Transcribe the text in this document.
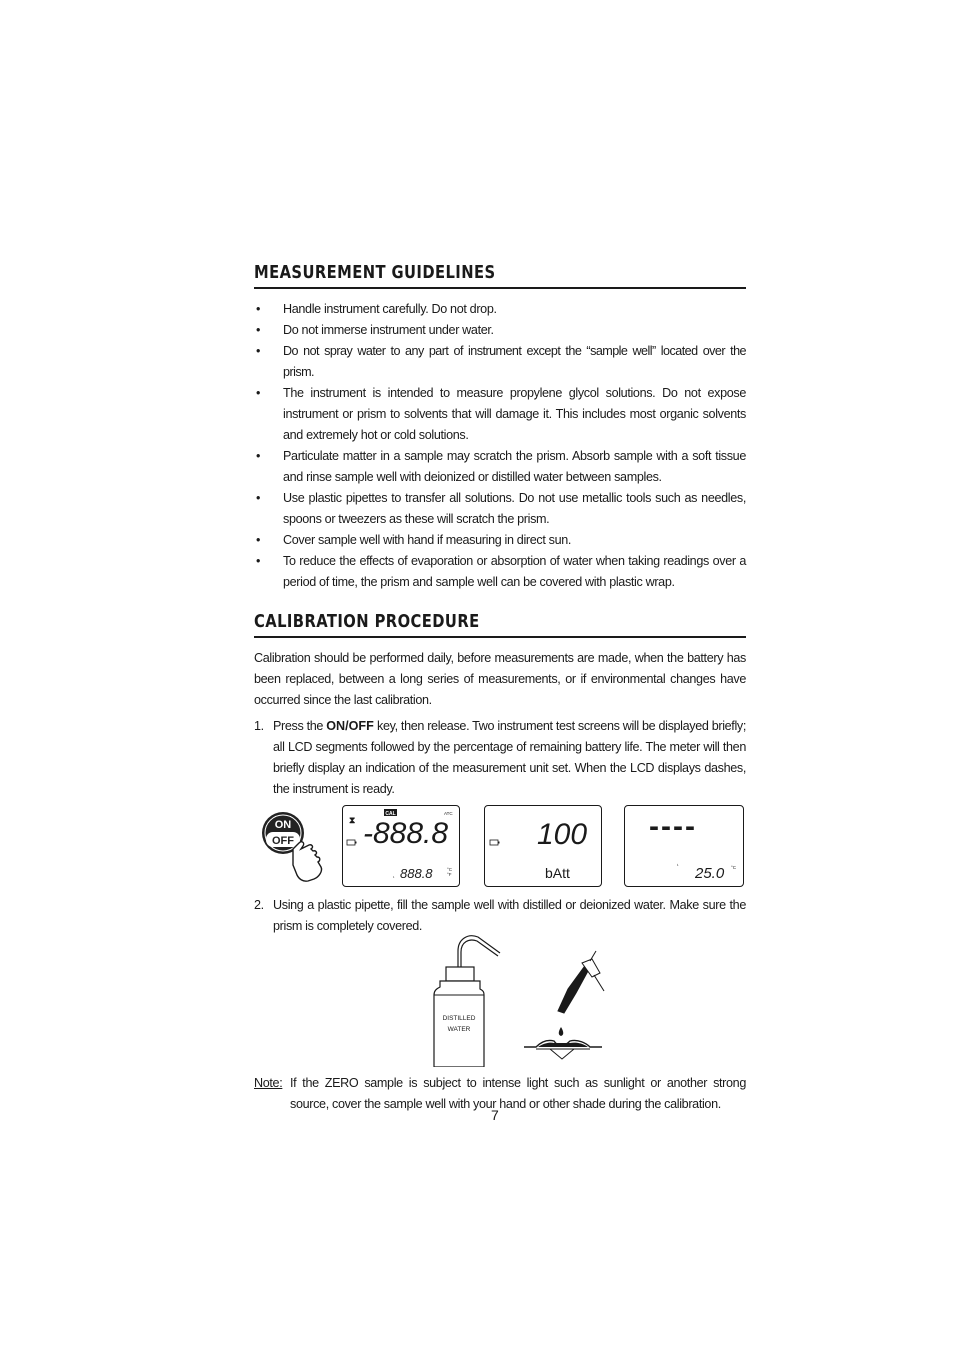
MEASUREMENT GUIDELINES
• Handle instrument carefully. Do not drop.
• Do not immerse instrument under water.
• Do not spray water to any part of instrument except the “sample well” located over the prism.
• The instrument is intended to measure propylene glycol solutions. Do not expose instrument or prism to solvents that will damage it. This includes most organic solvents and extremely hot or cold solutions.
• Particulate matter in a sample may scratch the prism. Absorb sample with a soft tissue and rinse sample well with deionized or distilled water between samples.
• Use plastic pipettes to transfer all solutions. Do not use metallic tools such as needles, spoons or tweezers as these will scratch the prism.
• Cover sample well with hand if measuring in direct sun.
• To reduce the effects of evaporation or absorption of water when taking readings over a period of time, the prism and sample well can be covered with plastic wrap.
CALIBRATION PROCEDURE

Calibration should be performed daily, before measurements are made, when the battery has been replaced, between a long series of measurements, or if environmental changes have occurred since the last calibration.

1. Press the ON/OFF key, then release. Two instrument test screens will be displayed briefly; all LCD segments followed by the percentage of remaining battery life. The meter will then briefly display an indication of the measurement unit set. When the LCD displays dashes, the instrument is ready.
ON
OFF
⧗
CAL	ATC
-888.8
¹ 888.8	°C
°F
100
bAtt
----
¹ 25.0 °C
2. Using a plastic pipette, fill the sample well with distilled or deionized water. Make sure the prism is completely covered.
DISTILLED
WATER
Note: If the ZERO sample is subject to intense light such as sunlight or another strong source, cover the sample well with your hand or other shade during the calibration.
7
